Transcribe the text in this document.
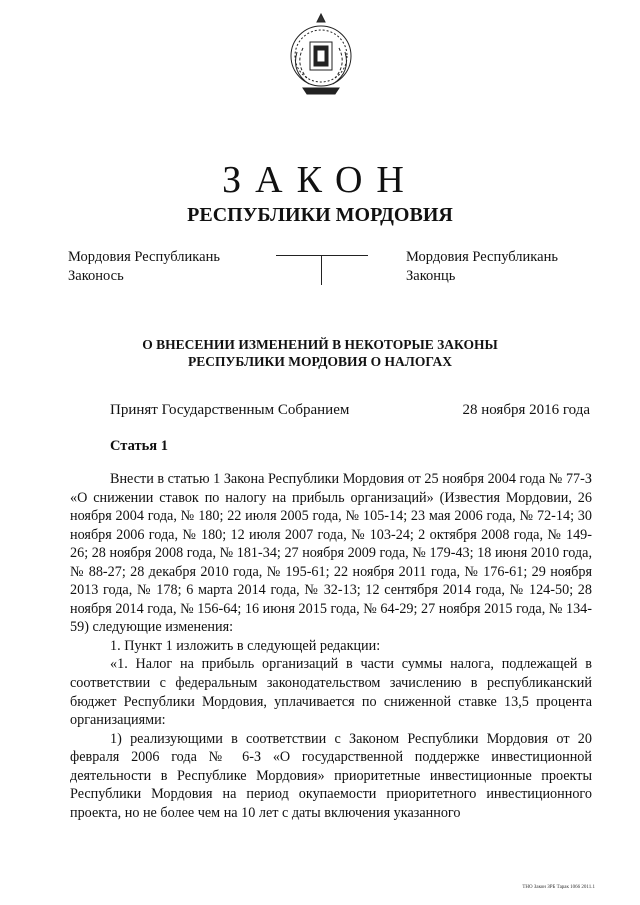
ЗАКОН
РЕСПУБЛИКИ МОРДОВИЯ
Мордовия Республикань
Законось
Мордовия Республикань
Законць
О ВНЕСЕНИИ ИЗМЕНЕНИЙ В НЕКОТОРЫЕ ЗАКОНЫ
РЕСПУБЛИКИ МОРДОВИЯ О НАЛОГАХ
Принят Государственным Собранием	28 ноября 2016 года
Статья 1

Внести в статью 1 Закона Республики Мордовия от 25 ноября 2004 года № 77-З «О снижении ставок по налогу на прибыль организаций» (Известия Мордовии, 26 ноября 2004 года, № 180; 22 июля 2005 года, № 105-14; 23 мая 2006 года, № 72-14; 30 ноября 2006 года, № 180; 12 июля 2007 года, № 103-24; 2 октября 2008 года, № 149-26; 28 ноября 2008 года, № 181-34; 27 ноября 2009 года, № 179-43; 18 июня 2010 года, № 88-27; 28 декабря 2010 года, № 195-61; 22 ноября 2011 года, № 176-61; 29 ноября 2013 года, № 178; 6 марта 2014 года, № 32-13; 12 сентября 2014 года, № 124-50; 28 ноября 2014 года, № 156-64; 16 июня 2015 года, № 64-29; 27 ноября 2015 года, № 134-59) следующие изменения:

1. Пункт 1 изложить в следующей редакции:

«1. Налог на прибыль организаций в части суммы налога, подлежащей в соответствии с федеральным законодательством зачислению в республиканский бюджет Республики Мордовия, уплачивается по сниженной ставке 13,5 процента организациями:

1) реализующими в соответствии с Законом Республики Мордовия от 20 февраля 2006 года № 6-З «О государственной поддержке инвестиционной деятельности в Республике Мордовия» приоритетные инвестиционные проекты Республики Мордовия на период окупаемости приоритетного инвестиционного проекта, но не более чем на 10 лет с даты включения указанного

ТНО Закон ЗРБ Тарак 1066 2011.1
